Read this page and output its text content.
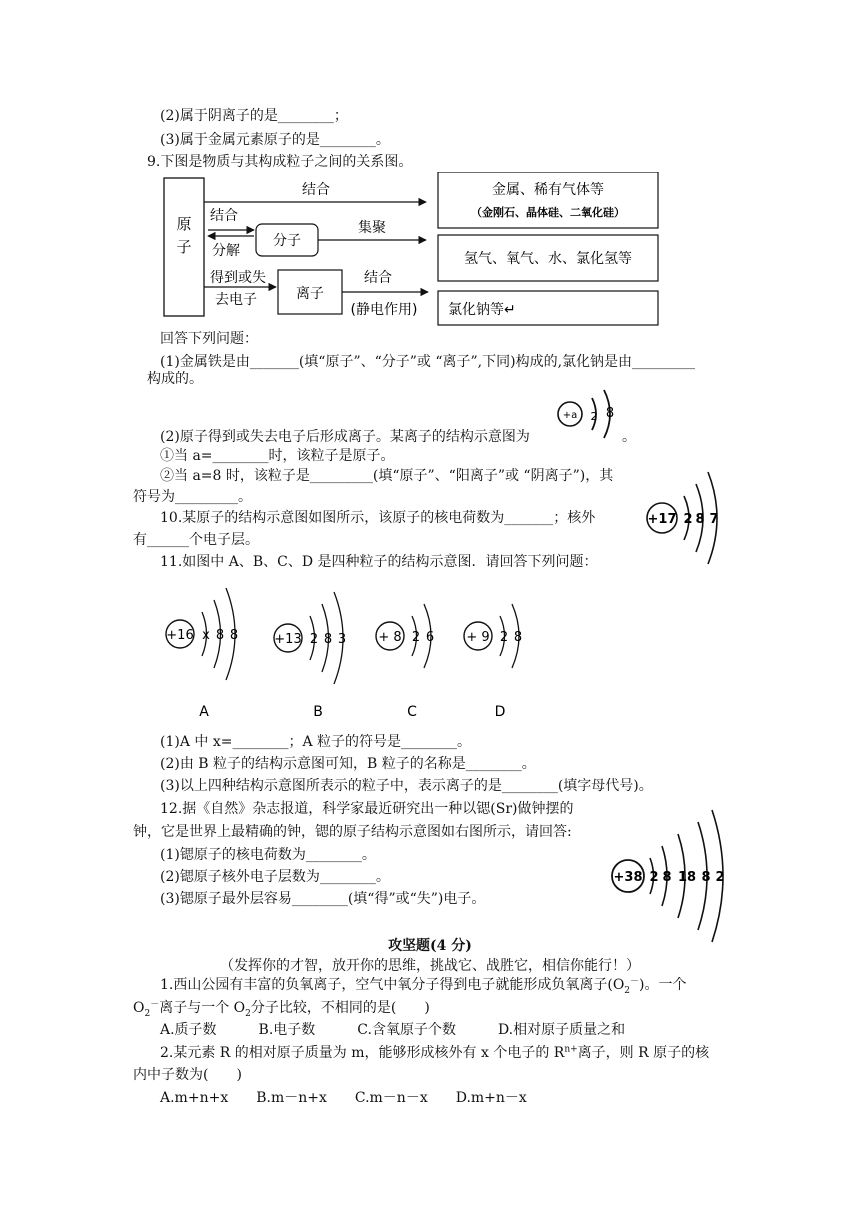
(2)属于阴离子的是________；
(3)属于金属元素原子的是________。
9.下图是物质与其构成粒子之间的关系图。
原
子
结合
结合
分解
分子
集聚
得到或失
去电子	离子
结合
(静电作用)
金属、稀有气体等
（金刚石、晶体硅、二氧化硅）
氢气、氧气、水、氯化氢等
氯化钠等↵
回答下列问题：
(1)金属铁是由_______(填“原子”、“分子”或 “离子”,下同)构成的,氯化钠是由_________
构成的。
(2)原子得到或失去电子后形成离子。某离子的结构示意图为	。
+a 2 8
①当 a=________时，该粒子是原子。
②当 a=8 时，该粒子是_________(填“原子”、“阳离子”或 “阴离子”)，其
符号为_________。
10.某原子的结构示意图如图所示，该原子的核电荷数为_______；核外
有______个电子层。
+17 2 8 7
11.如图中 A、B、C、D 是四种粒子的结构示意图．请回答下列问题：
+16 x 8 8
A
+13 2 8 3
B
+ 8 2 6
C
+ 9 2 8
D
(1)A 中 x=________；A 粒子的符号是________。
(2)由 B 粒子的结构示意图可知，B 粒子的名称是________。
(3)以上四种结构示意图所表示的粒子中，表示离子的是________(填字母代号)。
12.据《自然》杂志报道，科学家最近研究出一种以锶(Sr)做钟摆的
钟，它是世界上最精确的钟，锶的原子结构示意图如右图所示，请回答:
(1)锶原子的核电荷数为________。
(2)锶原子核外电子层数为________。
(3)锶原子最外层容易________(填“得”或“失”)电子。
+38 2 8 18 8 2
攻坚题(4 分)
（发挥你的才智，放开你的思维，挑战它、战胜它，相信你能行！）
1.西山公园有丰富的负氧离子，空气中氧分子得到电子就能形成负氧离子$(O_2^-)$。一个
$O_2^-$离子与一个 $O_2$分子比较，不相同的是(　　)
A.质子数　　　B.电子数　　　C.含氧原子个数　　　D.相对原子质量之和
2.某元素 R 的相对原子质量为 m，能够形成核外有 x 个电子的 $R^{n+}$离子，则 R 原子的核
内中子数为(　　)
A.m+n+x　　B.m－n+x　　C.m－n－x　　D.m+n－x
